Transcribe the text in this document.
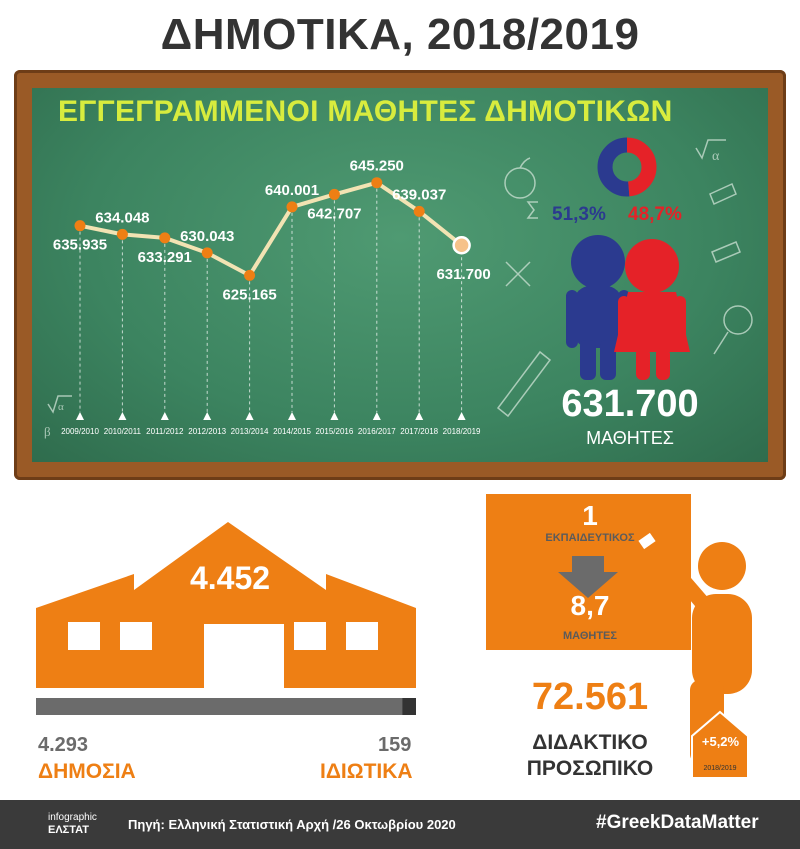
ΔΗΜΟΤΙΚΑ, 2018/2019
ΕΓΓΕΓΡΑΜΜΕΝΟΙ ΜΑΘΗΤΕΣ ΔΗΜΟΤΙΚΩΝ
635.935
634.048
633.291
630.043
625.165
640.001
642.707
645.250
639.037
631.700
2009/2010 2010/2011 2011/2012 2012/2013 2013/2014 2014/2015 2015/2016 2016/2017 2017/2018 2018/2019
α
α
β
51,3% 48,7%
631.700
ΜΑΘΗΤΕΣ
4.452
4.293
ΔΗΜΟΣΙΑ
159
ΙΔΙΩΤΙΚΑ
1
ΕΚΠΑΙΔΕΥΤΙΚΟΣ
8,7
ΜΑΘΗΤΕΣ
72.561
ΔΙΔΑΚΤΙΚΟ
ΠΡΟΣΩΠΙΚΟ
+5,2%
2018/2019
infographic
ΕΛΣΤΑΤ	Πηγή: Ελληνική Στατιστική Αρχή /26 Οκτωβρίου 2020	#GreekDataMatter
